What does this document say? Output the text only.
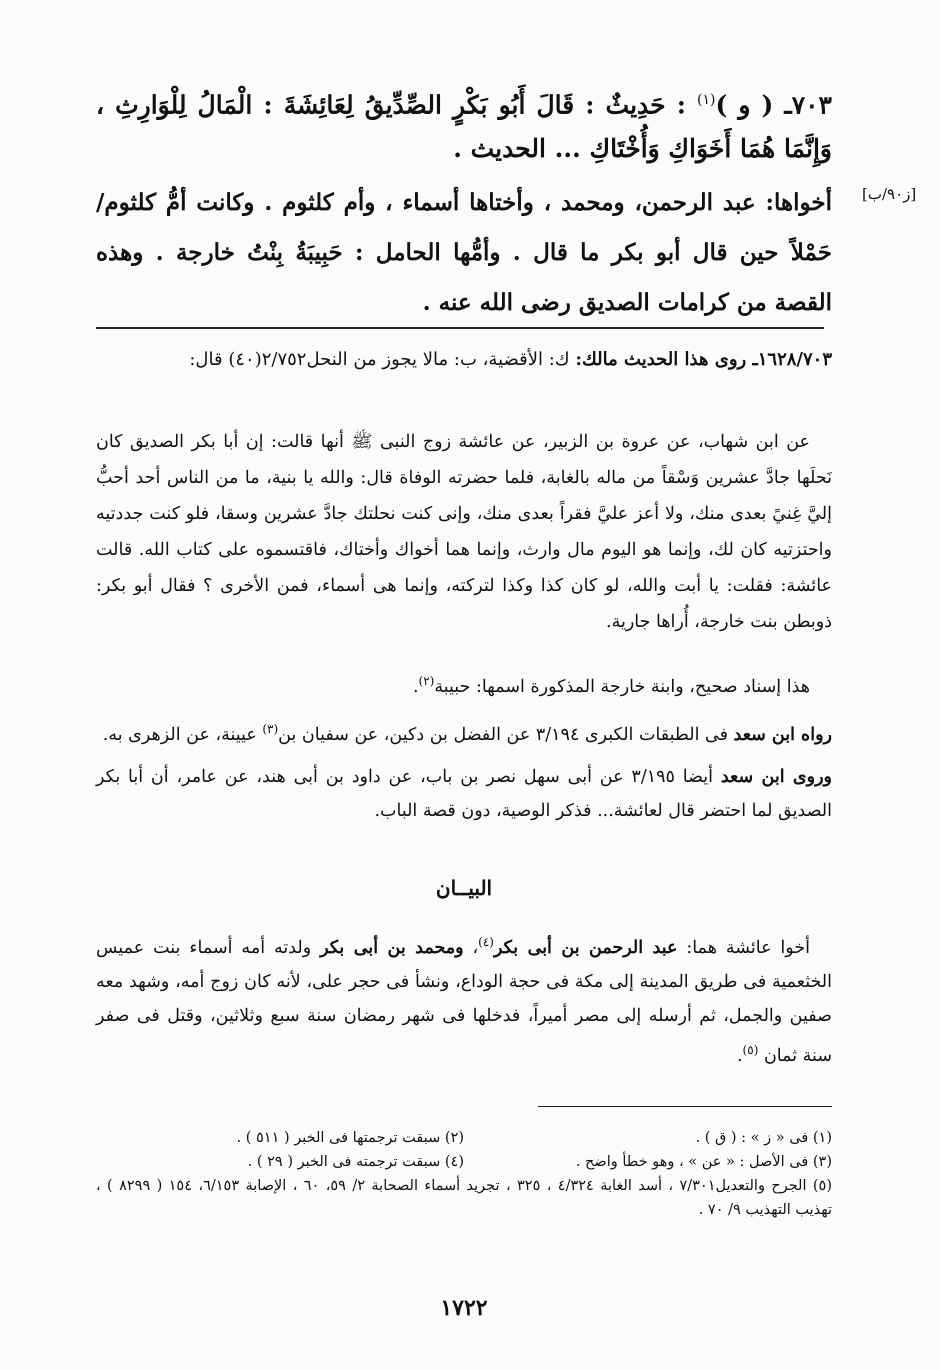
٧٠٣ـ ( و )$^{(١)}$ : حَدِيثٌ : قَالَ أَبُو بَكْرٍ الصِّدِّيقُ لِعَائِشَةَ : الْمَالُ لِلْوَارِثِ ، وَإِنَّمَا هُمَا أَخَوَاكِ وَأُخْتَاكِ ... الحديث .
[ز٩٠/ب]
أخواها: عبد الرحمن، ومحمد ، وأختاها أسماء ، وأم كلثوم . وكانت أمُّ كلثوم/ حَمْلاً حين قال أبو بكر ما قال . وأمُّها الحامل : حَبِيبَةُ بِنْتُ خارجة . وهذه القصة من كرامات الصديق رضى الله عنه .
١٦٢٨/٧٠٣ـ روى هذا الحديث مالك: ك: الأقضية، ب: مالا يجوز من النحل٢/٧٥٢(٤٠) قال:

عن ابن شهاب، عن عروة بن الزبير، عن عائشة زوج النبى ﷺ أنها قالت: إن أبا بكر الصديق كان نَحلَها جادَّ عشرين وَسْقاً من ماله بالغابة، فلما حضرته الوفاة قال: والله يا بنية، ما من الناس أحد أحبُّ إليَّ غِنيً بعدى منك، ولا أعز عليَّ فقراً بعدى منك، وإنى كنت نحلتك جادَّ عشرين وسقا، فلو كنت جددتيه واحتزتيه كان لك، وإنما هو اليوم مال وارث، وإنما هما أخواك وأختاك، فاقتسموه على كتاب الله. قالت عائشة: فقلت: يا أبت والله، لو كان كذا وكذا لتركته، وإنما هى أسماء، فمن الأخرى ؟ فقال أبو بكر: ذوبطن بنت خارجة، أُراها جارية.

هذا إسناد صحيح، وابنة خارجة المذكورة اسمها: حبيبة$^{(٢)}$.

رواه ابن سعد فى الطبقات الكبرى ٣/١٩٤ عن الفضل بن دكين، عن سفيان بن$^{(٣)}$ عيينة، عن الزهرى به.

وروى ابن سعد أيضا ٣/١٩٥ عن أبى سهل نصر بن باب، عن داود بن أبى هند، عن عامر، أن أبا بكر الصديق لما احتضر قال لعائشة... فذكر الوصية، دون قصة الباب.

البيــان

أخوا عائشة هما: عبد الرحمن بن أبى بكر$^{(٤)}$، ومحمد بن أبى بكر ولدته أمه أسماء بنت عميس الخثعمية فى طريق المدينة إلى مكة فى حجة الوداع، ونشأ فى حجر على، لأنه كان زوج أمه، وشهد معه صفين والجمل، ثم أرسله إلى مصر أميراً، فدخلها فى شهر رمضان سنة سبع وثلاثين، وقتل فى صفر سنة ثمان $^{(٥)}$.

(١) فى « ز » : ( ق ) .
(٢) سبقت ترجمتها فى الخبر ( ٥١١ ) .
(٣) فى الأصل : « عن » ، وهو خطأ واضح .
(٤) سبقت ترجمته فى الخبر ( ٢٩ ) .
(٥) الجرح والتعديل٧/٣٠١ ، أسد الغابة ٤/٣٢٤ ، ٣٢٥ ، تجريد أسماء الصحابة ٢/ ٥٩، ٦٠ ، الإصابة ٦/١٥٣، ١٥٤ ( ٨٢٩٩ ) ، تهذيب التهذيب ٩/ ٧٠ .
١٧٢٢
